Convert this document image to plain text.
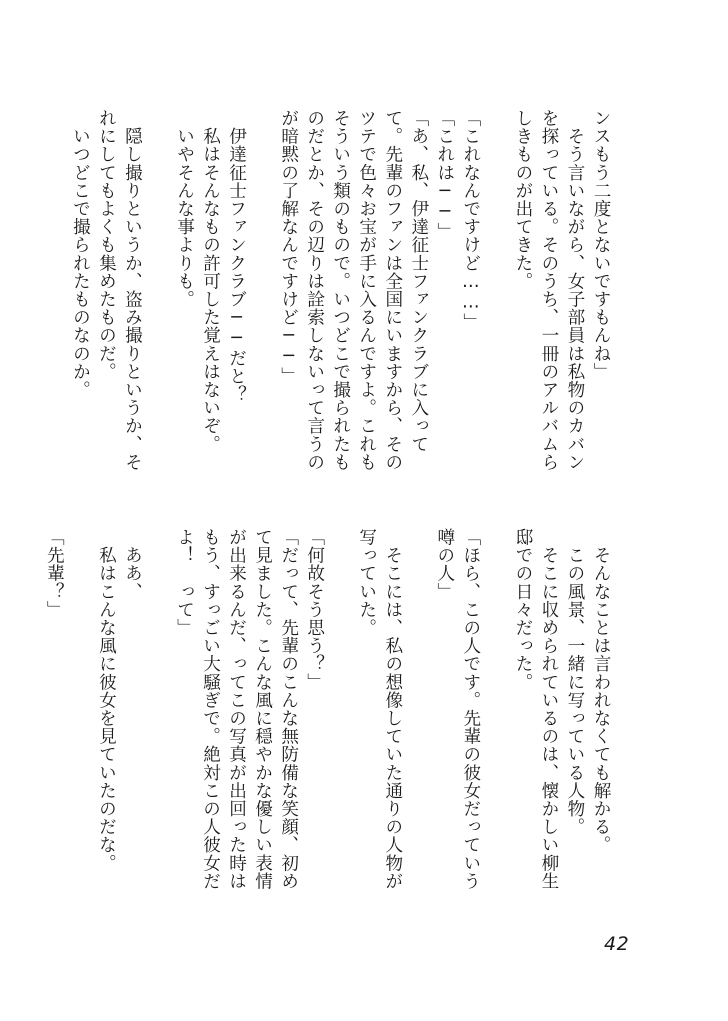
ンスもう二度とないですもんね」
　そう言いながら、女子部員は私物のカバン
を探っている。そのうち、一冊のアルバムら
しきものが出てきた。

「これなんですけど……」
「これは──」
「あ、私、伊達征士ファンクラブに入って
て。先輩のファンは全国にいますから、その
ツテで色々お宝が手に入るんですよ。これも
そういう類のもので。いつどこで撮られたも
のだとか、その辺りは詮索しないって言うの
が暗黙の了解なんですけど──」

　伊達征士ファンクラブ──だと？
　私はそんなもの許可した覚えはないぞ。
　いやそんな事よりも。

　隠し撮りというか、盗み撮りというか、そ
れにしてもよくも集めたものだ。
　いつどこで撮られたものなのか。
　そんなことは言われなくても解かる。
　この風景、一緒に写っている人物。
　そこに収められているのは、懐かしい柳生
邸での日々だった。

「ほら、この人です。先輩の彼女だっていう
噂の人」

　そこには、私の想像していた通りの人物が
写っていた。

「何故そう思う？」
「だって、先輩のこんな無防備な笑顔、初め
て見ました。こんな風に穏やかな優しい表情
が出来るんだ、ってこの写真が出回った時は
もう、すっごい大騒ぎで。絶対この人彼女だ
よ！　って」

　ああ、
　私はこんな風に彼女を見ていたのだな。

「先輩？」
42
